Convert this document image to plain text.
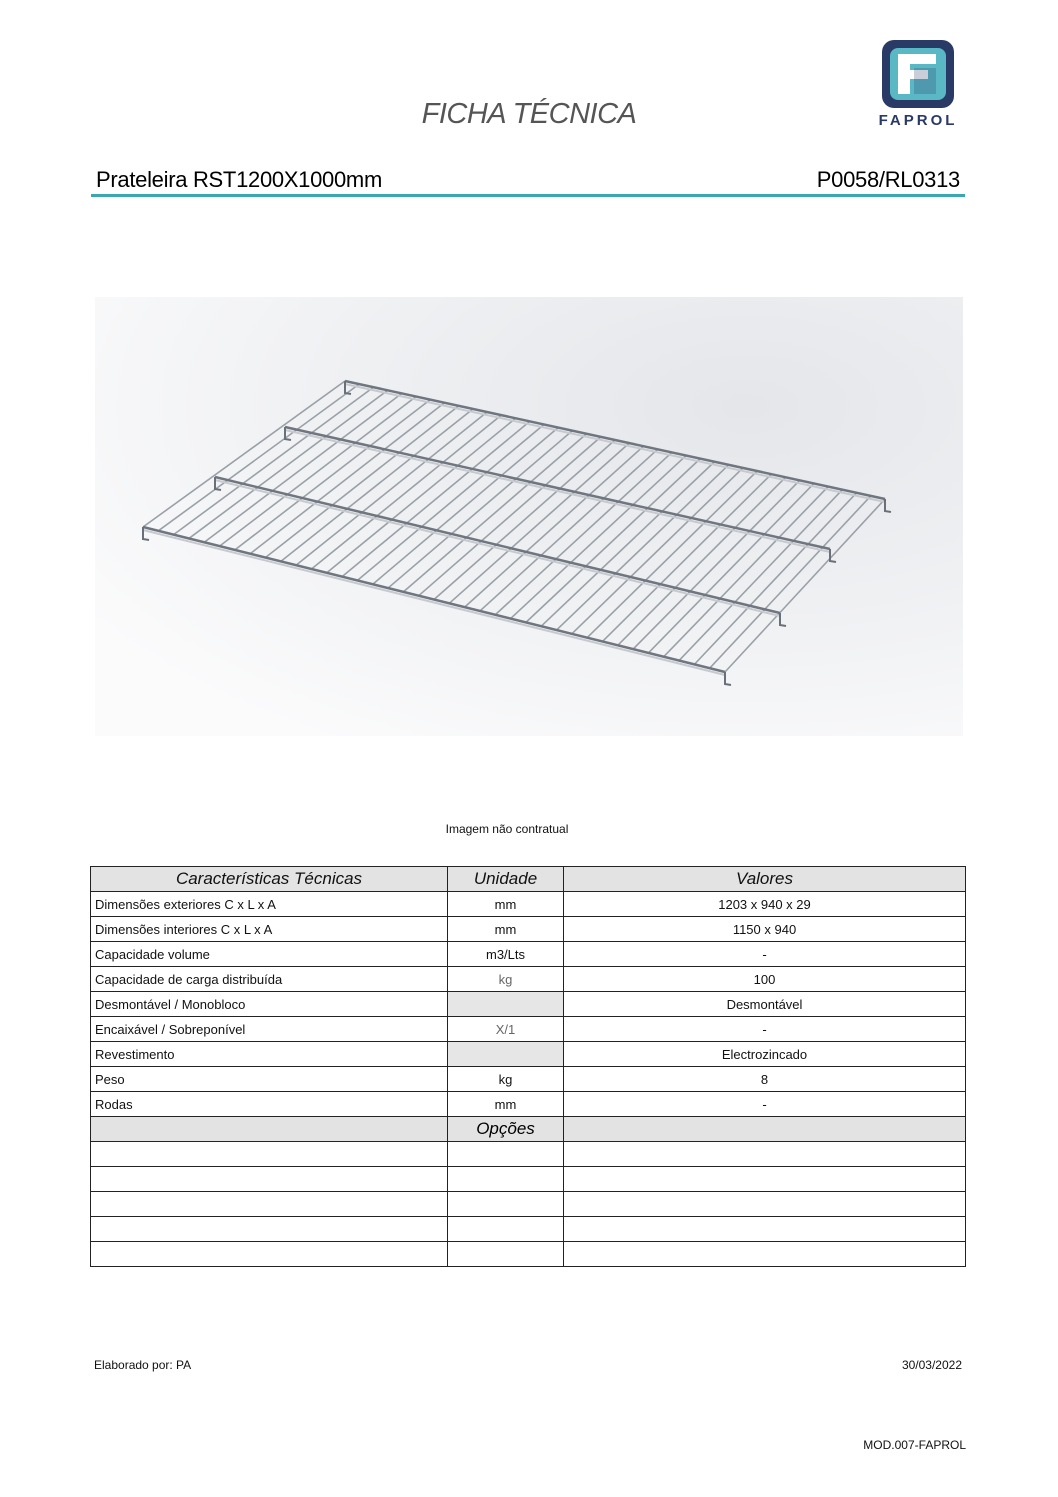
FICHA TÉCNICA	FAPROL
Prateleira RST1200X1000mm	P0058/RL0313
Imagem não contratual
Características Técnicas	Unidade	Valores
Dimensões exteriores C x L x A	mm	1203 x 940 x 29
Dimensões interiores C x L x A	mm	1150 x 940
Capacidade volume	m3/Lts	-
Capacidade de carga distribuída	kg	100
Desmontável / Monobloco		Desmontável
Encaixável / Sobreponível	X/1	-
Revestimento		Electrozincado
Peso	kg	8
Rodas	mm	-
	Opções	

Elaborado por: PA	30/03/2022
MOD.007-FAPROL
